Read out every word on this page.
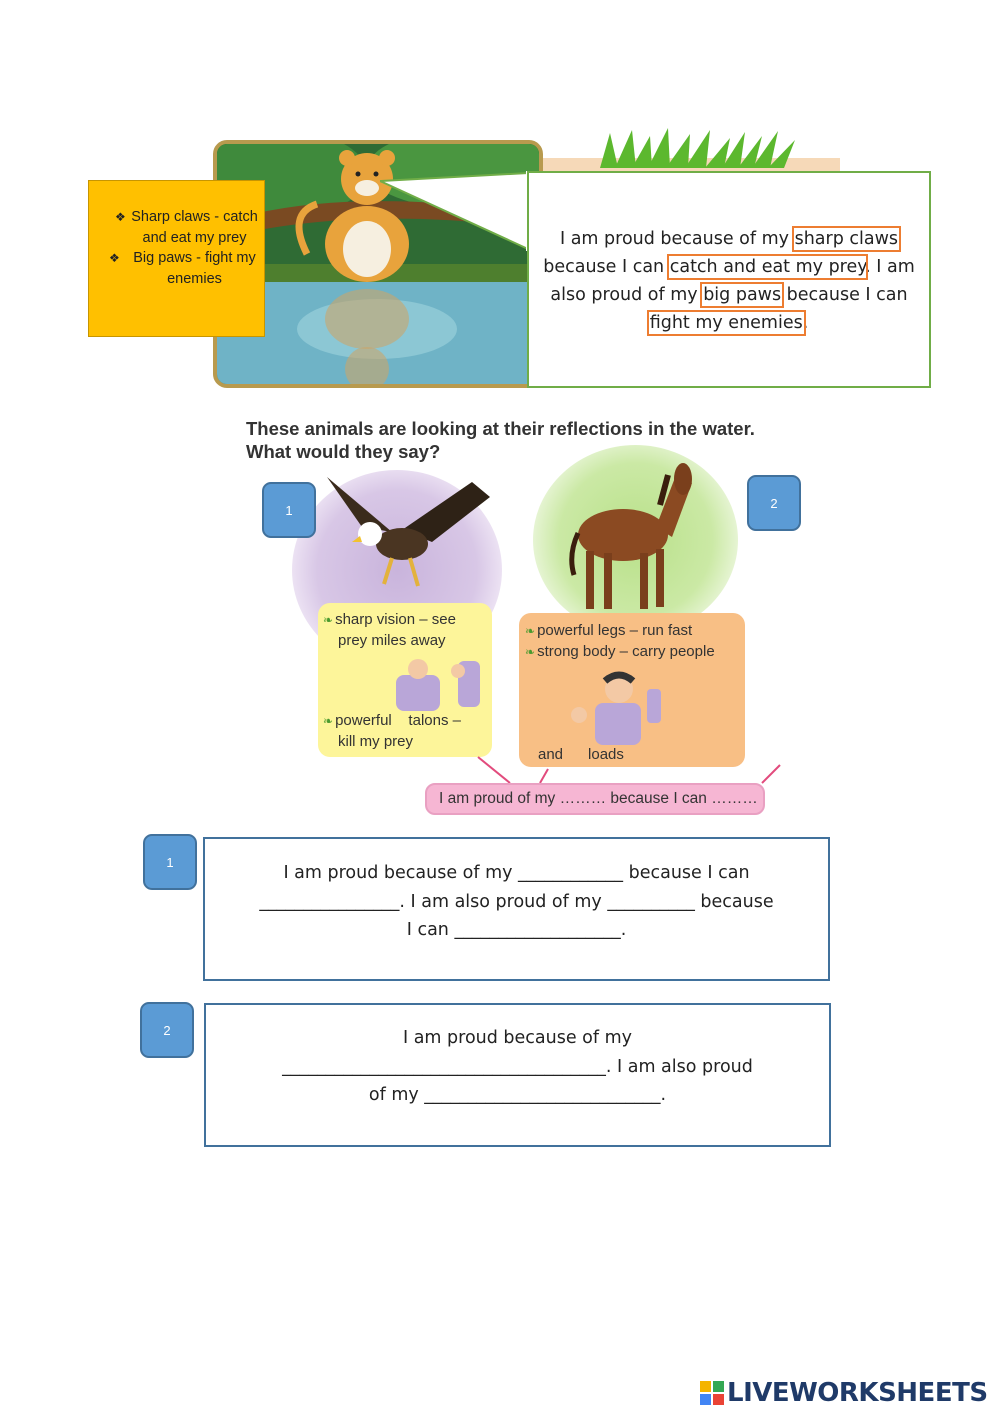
❖ Sharp claws - catch and eat my prey
❖ Big paws - fight my enemies
I am proud because of my sharp claws
because I can catch and eat my prey. I am also proud of my big paws because I can fight my enemies.
These animals are looking at their reflections in the water.
What would they say?
❧ sharp vision – see
prey miles away
❧ powerful    talons –
kill my prey
❧ powerful legs – run fast
❧ strong body – carry people
and      loads
I am proud of my ……… because I can ………
1	2
1
I am proud because of my ____________ because I can
________________. I am also proud of my __________ because
I can ___________________.
2	I am proud because of my
_____________________________________. I am also proud
of my ___________________________.
LIVEWORKSHEETS
